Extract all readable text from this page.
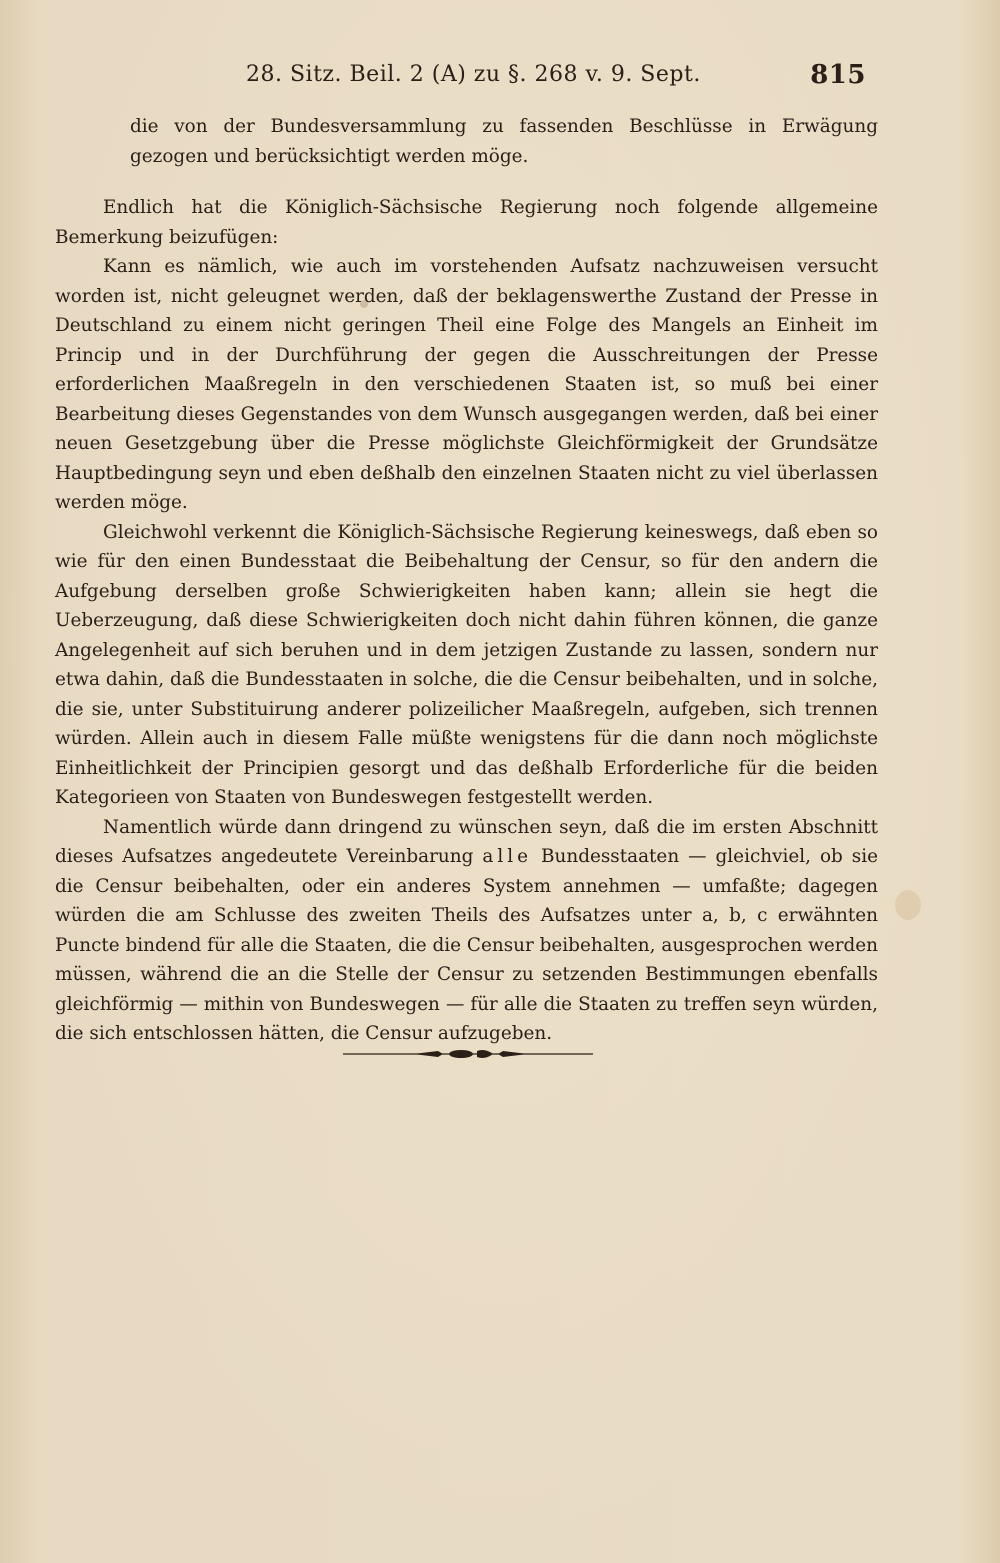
28. Sitz. Beil. 2 (A) zu §. 268 v. 9. Sept.	815

die von der Bundesversammlung zu fassenden Beschlüsse in Erwägung gezogen und berücksichtigt werden möge.

Endlich hat die Königlich-Sächsische Regierung noch folgende allgemeine Bemerkung beizufügen:

Kann es nämlich, wie auch im vorstehenden Aufsatz nachzuweisen versucht worden ist, nicht geleugnet werden, daß der beklagenswerthe Zustand der Presse in Deutschland zu einem nicht geringen Theil eine Folge des Mangels an Einheit im Princip und in der Durchführung der gegen die Ausschreitungen der Presse erforderlichen Maaßregeln in den verschiedenen Staaten ist, so muß bei einer Bearbeitung dieses Gegenstandes von dem Wunsch ausgegangen werden, daß bei einer neuen Gesetzgebung über die Presse möglichste Gleichförmigkeit der Grundsätze Hauptbedingung seyn und eben deßhalb den einzelnen Staaten nicht zu viel überlassen werden möge.

Gleichwohl verkennt die Königlich-Sächsische Regierung keineswegs, daß eben so wie für den einen Bundesstaat die Beibehaltung der Censur, so für den andern die Aufgebung derselben große Schwierigkeiten haben kann; allein sie hegt die Ueberzeugung, daß diese Schwierigkeiten doch nicht dahin führen können, die ganze Angelegenheit auf sich beruhen und in dem jetzigen Zustande zu lassen, sondern nur etwa dahin, daß die Bundesstaaten in solche, die die Censur beibehalten, und in solche, die sie, unter Substituirung anderer polizeilicher Maaßregeln, aufgeben, sich trennen würden. Allein auch in diesem Falle müßte wenigstens für die dann noch möglichste Einheitlichkeit der Principien gesorgt und das deßhalb Erforderliche für die beiden Kategorieen von Staaten von Bundeswegen festgestellt werden.

Namentlich würde dann dringend zu wünschen seyn, daß die im ersten Abschnitt dieses Aufsatzes angedeutete Vereinbarung alle Bundesstaaten — gleichviel, ob sie die Censur beibehalten, oder ein anderes System annehmen — umfaßte; dagegen würden die am Schlusse des zweiten Theils des Aufsatzes unter a, b, c erwähnten Puncte bindend für alle die Staaten, die die Censur beibehalten, ausgesprochen werden müssen, während die an die Stelle der Censur zu setzenden Bestimmungen ebenfalls gleichförmig — mithin von Bundeswegen — für alle die Staaten zu treffen seyn würden, die sich entschlossen hätten, die Censur aufzugeben.
